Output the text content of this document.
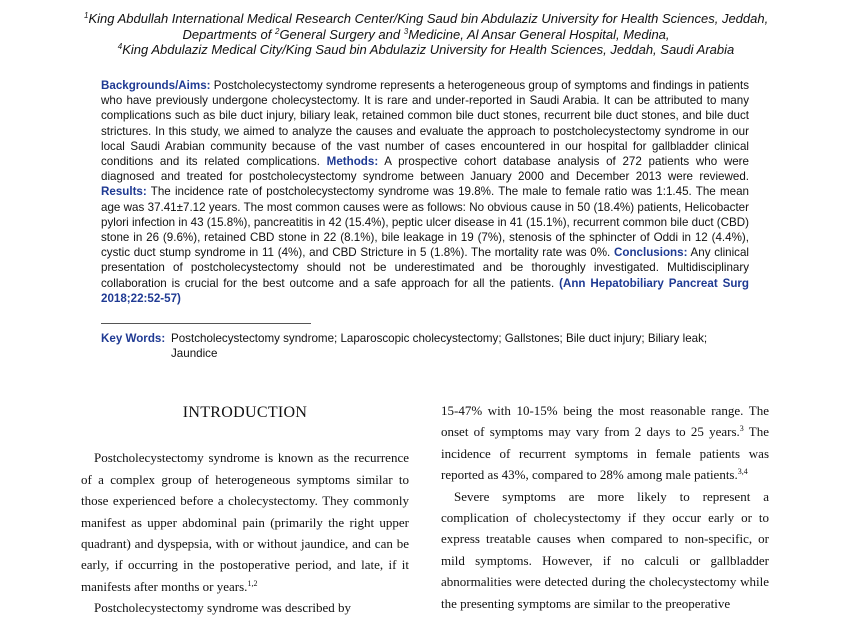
$^1$King Abdullah International Medical Research Center/King Saud bin Abdulaziz University for Health Sciences, Jeddah,
Departments of $^2$General Surgery and $^3$Medicine, Al Ansar General Hospital, Medina,
$^4$King Abdulaziz Medical City/King Saud bin Abdulaziz University for Health Sciences, Jeddah, Saudi Arabia
Backgrounds/Aims: Postcholecystectomy syndrome represents a heterogeneous group of symptoms and findings in patients who have previously undergone cholecystectomy. It is rare and under-reported in Saudi Arabia. It can be attributed to many complications such as bile duct injury, biliary leak, retained common bile duct stones, recurrent bile duct stones, and bile duct strictures. In this study, we aimed to analyze the causes and evaluate the approach to postcholecystectomy syndrome in our local Saudi Arabian community because of the vast number of cases encountered in our hospital for gallbladder clinical conditions and its related complications. Methods: A prospective cohort database analysis of 272 patients who were diagnosed and treated for postcholecystectomy syndrome between January 2000 and December 2013 were reviewed. Results: The incidence rate of postcholecystectomy syndrome was 19.8%. The male to female ratio was 1:1.45. The mean age was 37.41±7.12 years. The most common causes were as follows: No obvious cause in 50 (18.4%) patients, Helicobacter pylori infection in 43 (15.8%), pancreatitis in 42 (15.4%), peptic ulcer disease in 41 (15.1%), recurrent common bile duct (CBD) stone in 26 (9.6%), retained CBD stone in 22 (8.1%), bile leakage in 19 (7%), stenosis of the sphincter of Oddi in 12 (4.4%), cystic duct stump syndrome in 11 (4%), and CBD Stricture in 5 (1.8%). The mortality rate was 0%. Conclusions: Any clinical presentation of postcholecystectomy should not be underestimated and be thoroughly investigated. Multidisciplinary collaboration is crucial for the best outcome and a safe approach for all the patients. (Ann Hepatobiliary Pancreat Surg 2018;22:52-57)
Key Words: Postcholecystectomy syndrome; Laparoscopic cholecystectomy; Gallstones; Bile duct injury; Biliary leak; Jaundice
INTRODUCTION

Postcholecystectomy syndrome is known as the recurrence of a complex group of heterogeneous symptoms similar to those experienced before a cholecystectomy. They commonly manifest as upper abdominal pain (primarily the right upper quadrant) and dyspepsia, with or without jaundice, and can be early, if occurring in the postoperative period, and late, if it manifests after months or years.$^{1,2}$

Postcholecystectomy syndrome was described by

15-47% with 10-15% being the most reasonable range. The onset of symptoms may vary from 2 days to 25 years.$^3$ The incidence of recurrent symptoms in female patients was reported as 43%, compared to 28% among male patients.$^{3,4}$

Severe symptoms are more likely to represent a complication of cholecystectomy if they occur early or to express treatable causes when compared to non-specific, or mild symptoms. However, if no calculi or gallbladder abnormalities were detected during the cholecystectomy while the presenting symptoms are similar to the preoperative
